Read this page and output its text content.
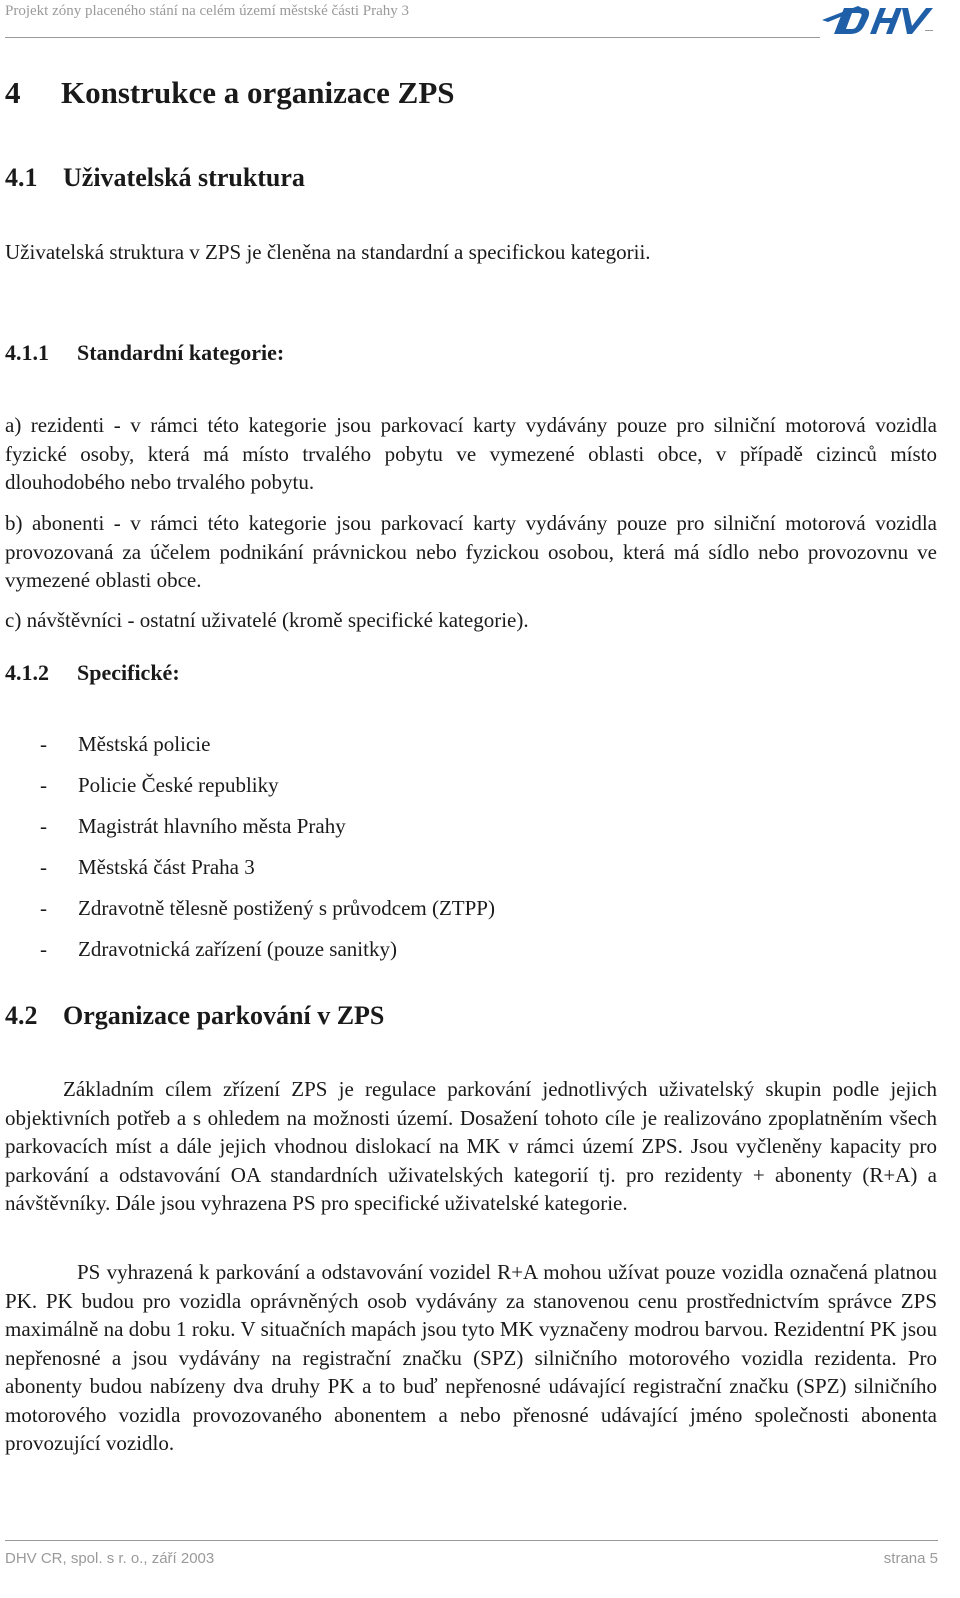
Projekt zóny placeného stání na celém území městské části Prahy 3
4 Konstrukce a organizace ZPS
4.1 Uživatelská struktura
Uživatelská struktura v ZPS je členěna na standardní a specifickou kategorii.
4.1.1 Standardní kategorie:
a) rezidenti - v rámci této kategorie jsou parkovací karty vydávány pouze pro silniční motorová vozidla fyzické osoby, která má místo trvalého pobytu ve vymezené oblasti obce, v případě cizinců místo dlouhodobého nebo trvalého pobytu.
b) abonenti - v rámci této kategorie jsou parkovací karty vydávány pouze pro silniční motorová vozidla provozovaná za účelem podnikání právnickou nebo fyzickou osobou, která má sídlo nebo provozovnu ve vymezené oblasti obce.
c) návštěvníci - ostatní uživatelé (kromě specifické kategorie).
4.1.2 Specifické:
- Městská policie
- Policie České republiky
- Magistrát hlavního města Prahy
- Městská část Praha 3
- Zdravotně tělesně postižený s průvodcem (ZTPP)
- Zdravotnická zařízení (pouze sanitky)
4.2 Organizace parkování v ZPS
Základním cílem zřízení ZPS je regulace parkování jednotlivých uživatelský skupin podle jejich objektivních potřeb a s ohledem na možnosti území. Dosažení tohoto cíle je realizováno zpoplatněním všech parkovacích míst a dále jejich vhodnou dislokací na MK v rámci území ZPS. Jsou vyčleněny kapacity pro parkování a odstavování OA standardních uživatelských kategorií tj. pro rezidenty + abonenty (R+A) a návštěvníky. Dále jsou vyhrazena PS pro specifické uživatelské kategorie.
PS vyhrazená k parkování a odstavování vozidel R+A mohou užívat pouze vozidla označená platnou PK. PK budou pro vozidla oprávněných osob vydávány za stanovenou cenu prostřednictvím správce ZPS maximálně na dobu 1 roku. V situačních mapách jsou tyto MK vyznačeny modrou barvou. Rezidentní PK jsou nepřenosné a jsou vydávány na registrační značku (SPZ) silničního motorového vozidla rezidenta. Pro abonenty budou nabízeny dva druhy PK a to buď nepřenosné udávající registrační značku (SPZ) silničního motorového vozidla provozovaného abonentem a nebo přenosné udávající jméno společnosti abonenta provozující vozidlo.
DHV CR, spol. s r. o., září 2003	strana 5
